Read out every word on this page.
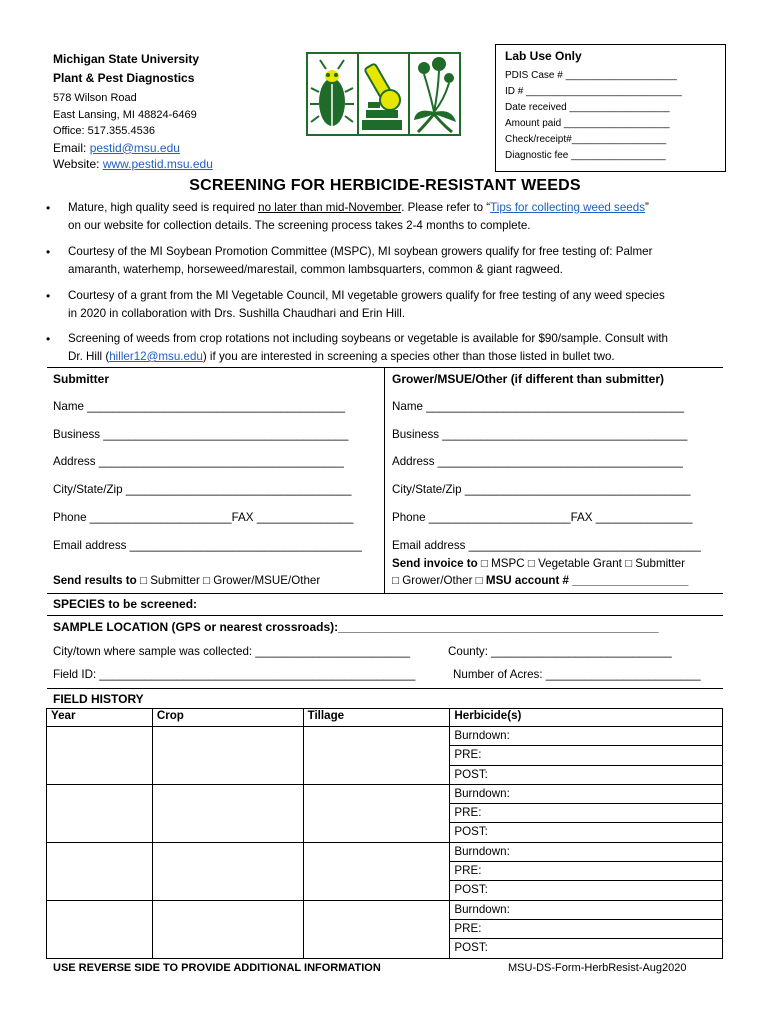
Michigan State University
Plant & Pest Diagnostics
578 Wilson Road
East Lansing, MI 48824-6469
Office: 517.355.4536
Email: pestid@msu.edu
Website: www.pestid.msu.edu
Lab Use Only
PDIS Case # ____________________
ID # ____________________________
Date received __________________
Amount paid ___________________
Check/receipt#_________________
Diagnostic fee _________________
SCREENING FOR HERBICIDE-RESISTANT WEEDS
• Mature, high quality seed is required no later than mid-November. Please refer to “Tips for collecting weed seeds”
on our website for collection details. The screening process takes 2-4 months to complete.
• Courtesy of the MI Soybean Promotion Committee (MSPC), MI soybean growers qualify for free testing of: Palmer
amaranth, waterhemp, horseweed/marestail, common lambsquarters, common & giant ragweed.
• Courtesy of a grant from the MI Vegetable Council, MI vegetable growers qualify for free testing of any weed species
in 2020 in collaboration with Drs. Sushilla Chaudhari and Erin Hill.
• Screening of weeds from crop rotations not including soybeans or vegetable is available for $90/sample. Consult with
Dr. Hill (hiller12@msu.edu) if you are interested in screening a species other than those listed in bullet two.
Submitter	Grower/MSUE/Other (if different than submitter)
Name ________________________________________
Business ______________________________________
Address ______________________________________
City/State/Zip ___________________________________
Phone ______________________FAX _______________
Email address ____________________________________
Send results to □ Submitter □ Grower/MSUE/Other
Name ________________________________________
Business ______________________________________
Address ______________________________________
City/State/Zip ___________________________________
Phone ______________________FAX _______________
Email address ____________________________________
Send invoice to □ MSPC □ Vegetable Grant □ Submitter
□ Grower/Other □ MSU account # __________________
SPECIES to be screened:
SAMPLE LOCATION (GPS or nearest crossroads):________________________________________________
City/town where sample was collected: ________________________	County: ____________________________
Field ID: _________________________________________________	Number of Acres: ________________________
FIELD HISTORY
Year	Crop	Tillage	Herbicide(s)

			Burndown:
PRE:
POST:

			Burndown:
PRE:
POST:

			Burndown:
PRE:
POST:

			Burndown:
PRE:
POST:
USE REVERSE SIDE TO PROVIDE ADDITIONAL INFORMATION	MSU-DS-Form-HerbResist-Aug2020
